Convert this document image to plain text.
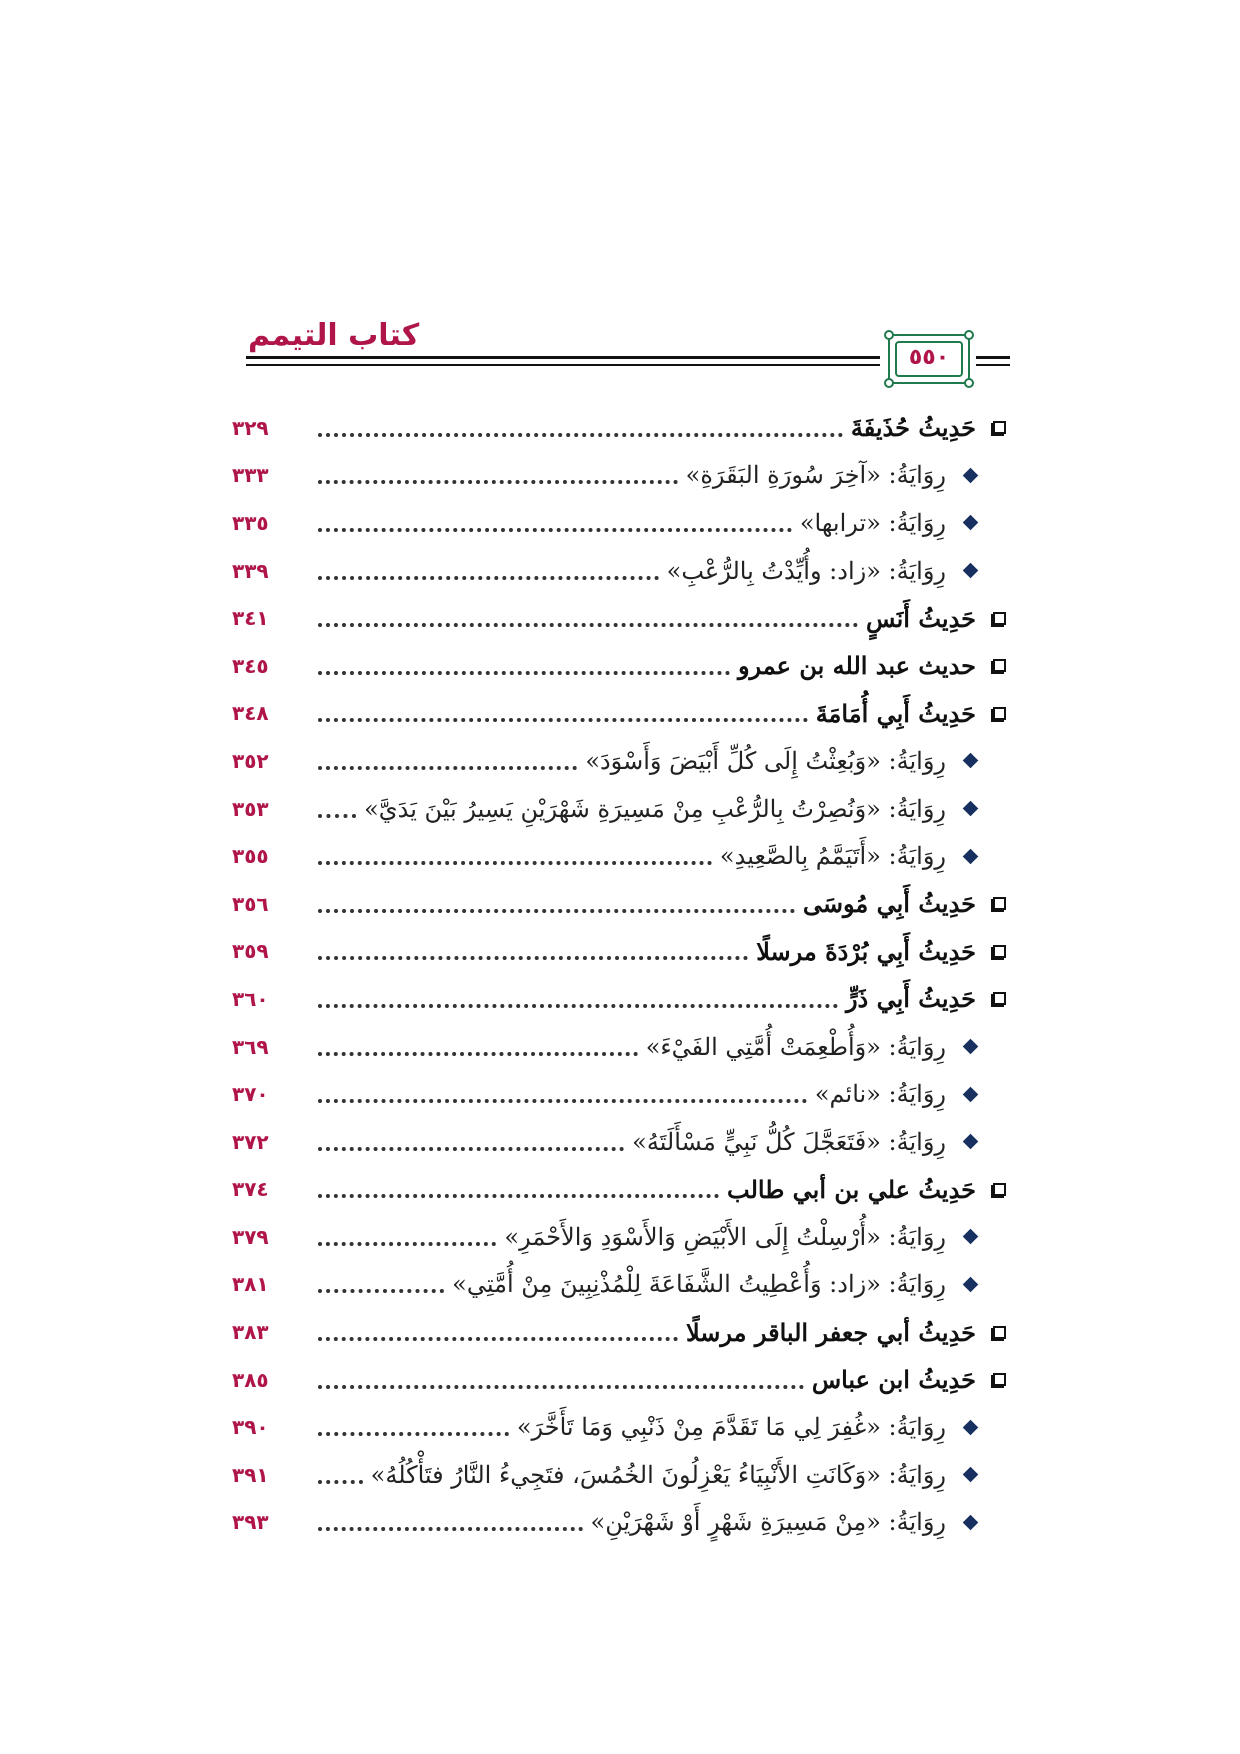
كتاب التيمم
٥٥٠
حَدِيثُ حُذَيفَةَ
٣٢٩
رِوَايَةُ: «آخِرَ سُورَةِ البَقَرَةِ»
٣٣٣
رِوَايَةُ: «ترابها»
٣٣٥
رِوَايَةُ: «زاد: وأُيِّدْتُ بِالرُّعْبِ»
٣٣٩
حَدِيثُ أَنَسٍ
٣٤١
حديث عبد الله بن عمرو
٣٤٥
حَدِيثُ أَبِي أُمَامَةَ
٣٤٨
رِوَايَةُ: «وَبُعِثْتُ إِلَى كُلِّ أَبْيَضَ وَأَسْوَدَ»
٣٥٢
رِوَايَةُ: «وَنُصِرْتُ بِالرُّعْبِ مِنْ مَسِيرَةِ شَهْرَيْنِ يَسِيرُ بَيْنَ يَدَيَّ»
٣٥٣
رِوَايَةُ: «أَتَيَمَّمُ بِالصَّعِيدِ»
٣٥٥
حَدِيثُ أَبِي مُوسَى
٣٥٦
حَدِيثُ أَبِي بُرْدَةَ مرسلًا
٣٥٩
حَدِيثُ أَبِي ذَرٍّ
٣٦٠
رِوَايَةُ: «وَأُطْعِمَتْ أُمَّتِي الفَيْءَ»
٣٦٩
رِوَايَةُ: «نائم»
٣٧٠
رِوَايَةُ: «فَتَعَجَّلَ كُلُّ نَبِيٍّ مَسْأَلَتَهُ»
٣٧٢
حَدِيثُ علي بن أبي طالب
٣٧٤
رِوَايَةُ: «أُرْسِلْتُ إِلَى الأَبْيَضِ وَالأَسْوَدِ وَالأَحْمَرِ»
٣٧٩
رِوَايَةُ: «زاد: وَأُعْطِيتُ الشَّفَاعَةَ لِلْمُذْنِبِينَ مِنْ أُمَّتِي»
٣٨١
حَدِيثُ أبي جعفر الباقر مرسلًا
٣٨٣
حَدِيثُ ابن عباس
٣٨٥
رِوَايَةُ: «غُفِرَ لِي مَا تَقَدَّمَ مِنْ ذَنْبِي وَمَا تَأَخَّرَ»
٣٩٠
رِوَايَةُ: «وَكَانَتِ الأَنْبِيَاءُ يَعْزِلُونَ الخُمُسَ، فتَجِيءُ النَّارُ فتَأْكُلُهُ»
٣٩١
رِوَايَةُ: «مِنْ مَسِيرَةِ شَهْرٍ أَوْ شَهْرَيْنِ»
٣٩٣
